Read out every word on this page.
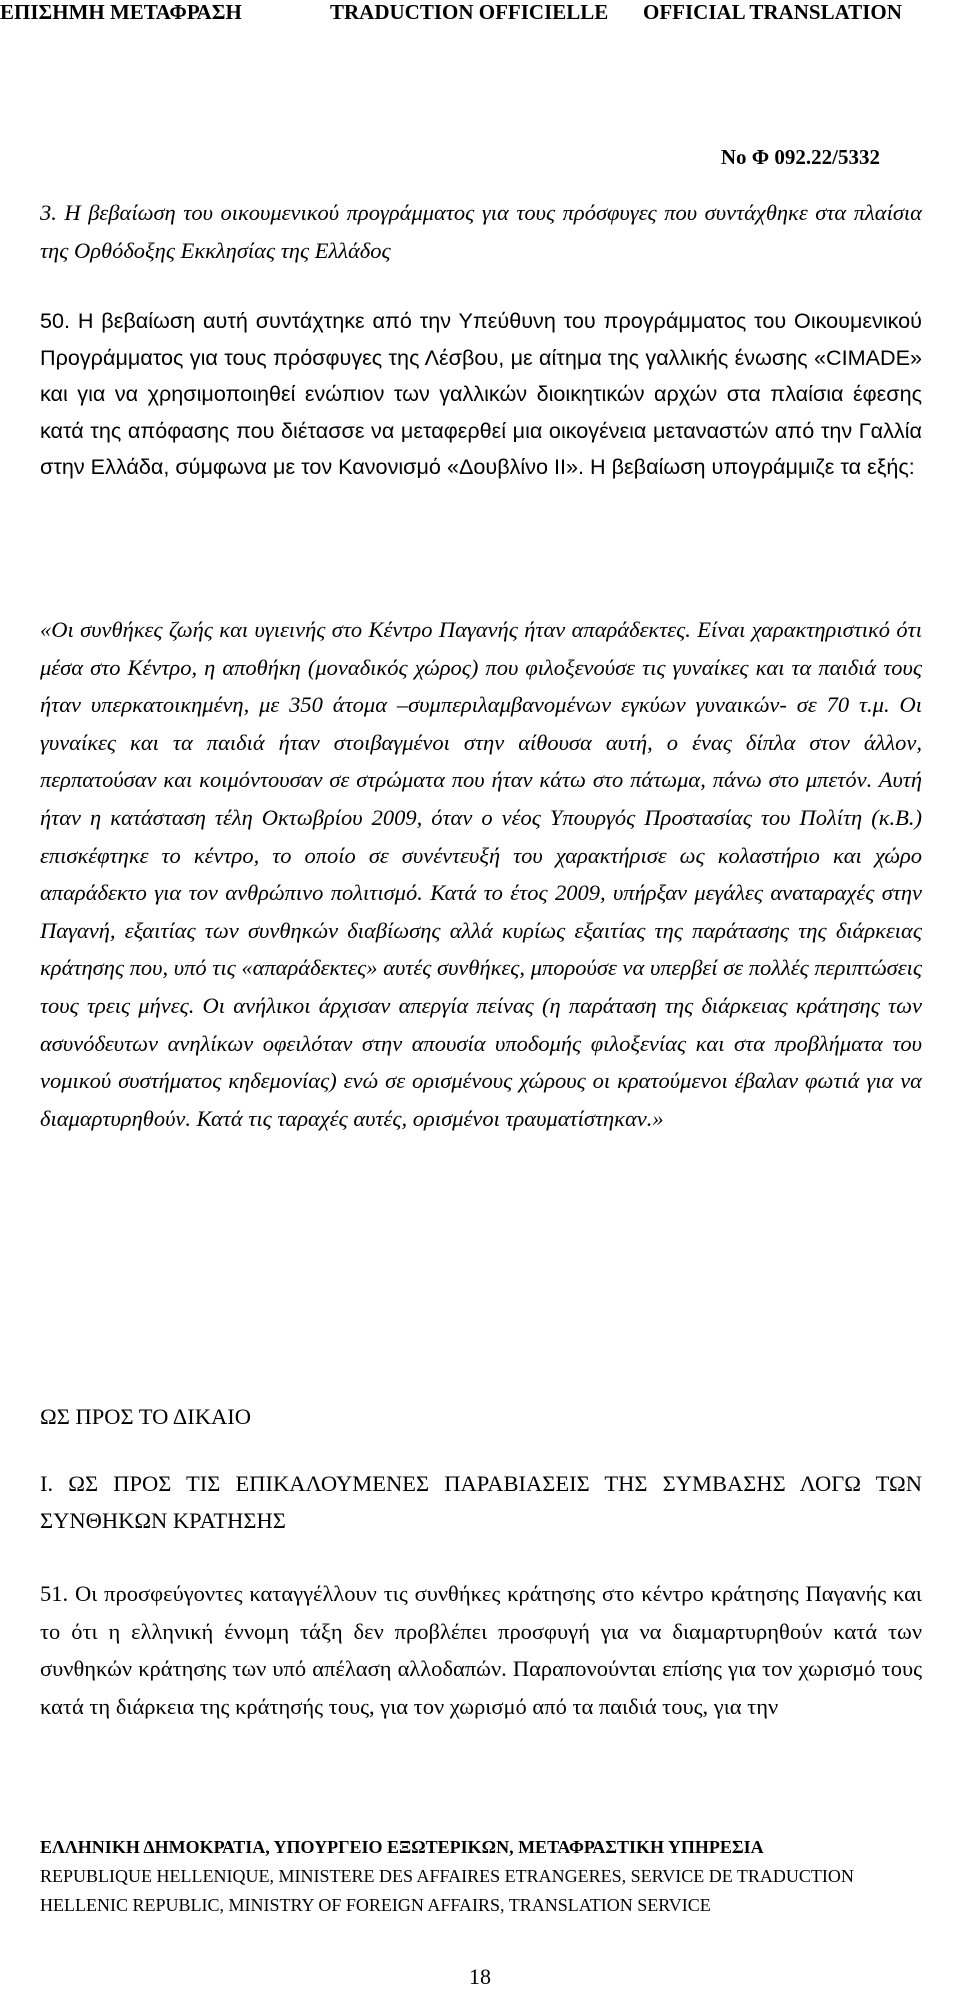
ΕΠΙΣΗΜΗ ΜΕΤΑΦΡΑΣΗ	TRADUCTION OFFICIELLE OFFICIAL TRANSLATION
Νο Φ 092.22/5332
3. Η βεβαίωση του οικουμενικού προγράμματος για τους πρόσφυγες που συντάχθηκε στα πλαίσια της Ορθόδοξης Εκκλησίας της Ελλάδος
50. Η βεβαίωση αυτή συντάχτηκε από την Υπεύθυνη του προγράμματος του Οικουμενικού Προγράμματος για τους πρόσφυγες της Λέσβου, με αίτημα της γαλλικής ένωσης «CIMADE» και για να χρησιμοποιηθεί ενώπιον των γαλλικών διοικητικών αρχών στα πλαίσια έφεσης κατά της απόφασης που διέτασσε να μεταφερθεί μια οικογένεια μεταναστών από την Γαλλία στην Ελλάδα, σύμφωνα με τον Κανονισμό «Δουβλίνο ΙΙ». Η βεβαίωση υπογράμμιζε τα εξής:
«Οι συνθήκες ζωής και υγιεινής στο Κέντρο Παγανής ήταν απαράδεκτες. Είναι χαρακτηριστικό ότι μέσα στο Κέντρο, η αποθήκη (μοναδικός χώρος) που φιλοξενούσε τις γυναίκες και τα παιδιά τους ήταν υπερκατοικημένη, με 350 άτομα –συμπεριλαμβανομένων εγκύων γυναικών- σε 70 τ.μ. Οι γυναίκες και τα παιδιά ήταν στοιβαγμένοι στην αίθουσα αυτή, ο ένας δίπλα στον άλλον, περπατούσαν και κοιμόντουσαν σε στρώματα που ήταν κάτω στο πάτωμα, πάνω στο μπετόν. Αυτή ήταν η κατάσταση τέλη Οκτωβρίου 2009, όταν ο νέος Υπουργός Προστασίας του Πολίτη (κ.Β.) επισκέφτηκε το κέντρο, το οποίο σε συνέντευξή του χαρακτήρισε ως κολαστήριο και χώρο απαράδεκτο για τον ανθρώπινο πολιτισμό. Κατά το έτος 2009, υπήρξαν μεγάλες αναταραχές στην Παγανή, εξαιτίας των συνθηκών διαβίωσης αλλά κυρίως εξαιτίας της παράτασης της διάρκειας κράτησης που, υπό τις «απαράδεκτες» αυτές συνθήκες, μπορούσε να υπερβεί σε πολλές περιπτώσεις τους τρεις μήνες. Οι ανήλικοι άρχισαν απεργία πείνας (η παράταση της διάρκειας κράτησης των ασυνόδευτων ανηλίκων οφειλόταν στην απουσία υποδομής φιλοξενίας και στα προβλήματα του νομικού συστήματος κηδεμονίας) ενώ σε ορισμένους χώρους οι κρατούμενοι έβαλαν φωτιά για να διαμαρτυρηθούν. Κατά τις ταραχές αυτές, ορισμένοι τραυματίστηκαν.»
ΩΣ ΠΡΟΣ ΤΟ ΔΙΚΑΙΟ
Ι. ΩΣ ΠΡΟΣ ΤΙΣ ΕΠΙΚΑΛΟΥΜΕΝΕΣ ΠΑΡΑΒΙΑΣΕΙΣ ΤΗΣ ΣΥΜΒΑΣΗΣ ΛΟΓΩ ΤΩΝ ΣΥΝΘΗΚΩΝ ΚΡΑΤΗΣΗΣ
51. Οι προσφεύγοντες καταγγέλλουν τις συνθήκες κράτησης στο κέντρο κράτησης Παγανής και το ότι η ελληνική έννομη τάξη δεν προβλέπει προσφυγή για να διαμαρτυρηθούν κατά των συνθηκών κράτησης των υπό απέλαση αλλοδαπών. Παραπονούνται επίσης για τον χωρισμό τους κατά τη διάρκεια της κράτησής τους, για τον χωρισμό από τα παιδιά τους, για την
ΕΛΛΗΝΙΚΗ ΔΗΜΟΚΡΑΤΙΑ, ΥΠΟΥΡΓΕΙΟ ΕΞΩΤΕΡΙΚΩΝ, ΜΕΤΑΦΡΑΣΤΙΚΗ ΥΠΗΡΕΣΙΑ
REPUBLIQUE HELLENIQUE, MINISTERE DES AFFAIRES ETRANGERES, SERVICE DE TRADUCTION
HELLENIC REPUBLIC, MINISTRY OF FOREIGN AFFAIRS, TRANSLATION SERVICE
18
